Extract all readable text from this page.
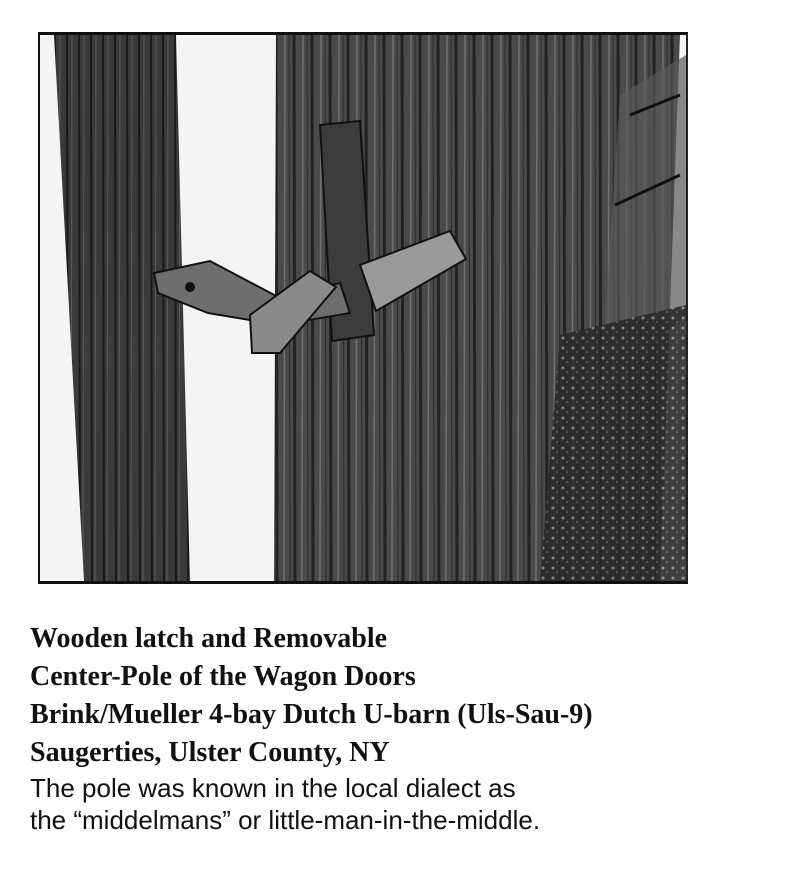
Wooden latch and Removable
Center-Pole of the Wagon Doors
Brink/Mueller 4-bay Dutch U-barn (Uls-Sau-9)
Saugerties, Ulster County, NY
The pole was known in the local dialect as
the “middelmans” or little-man-in-the-middle.
